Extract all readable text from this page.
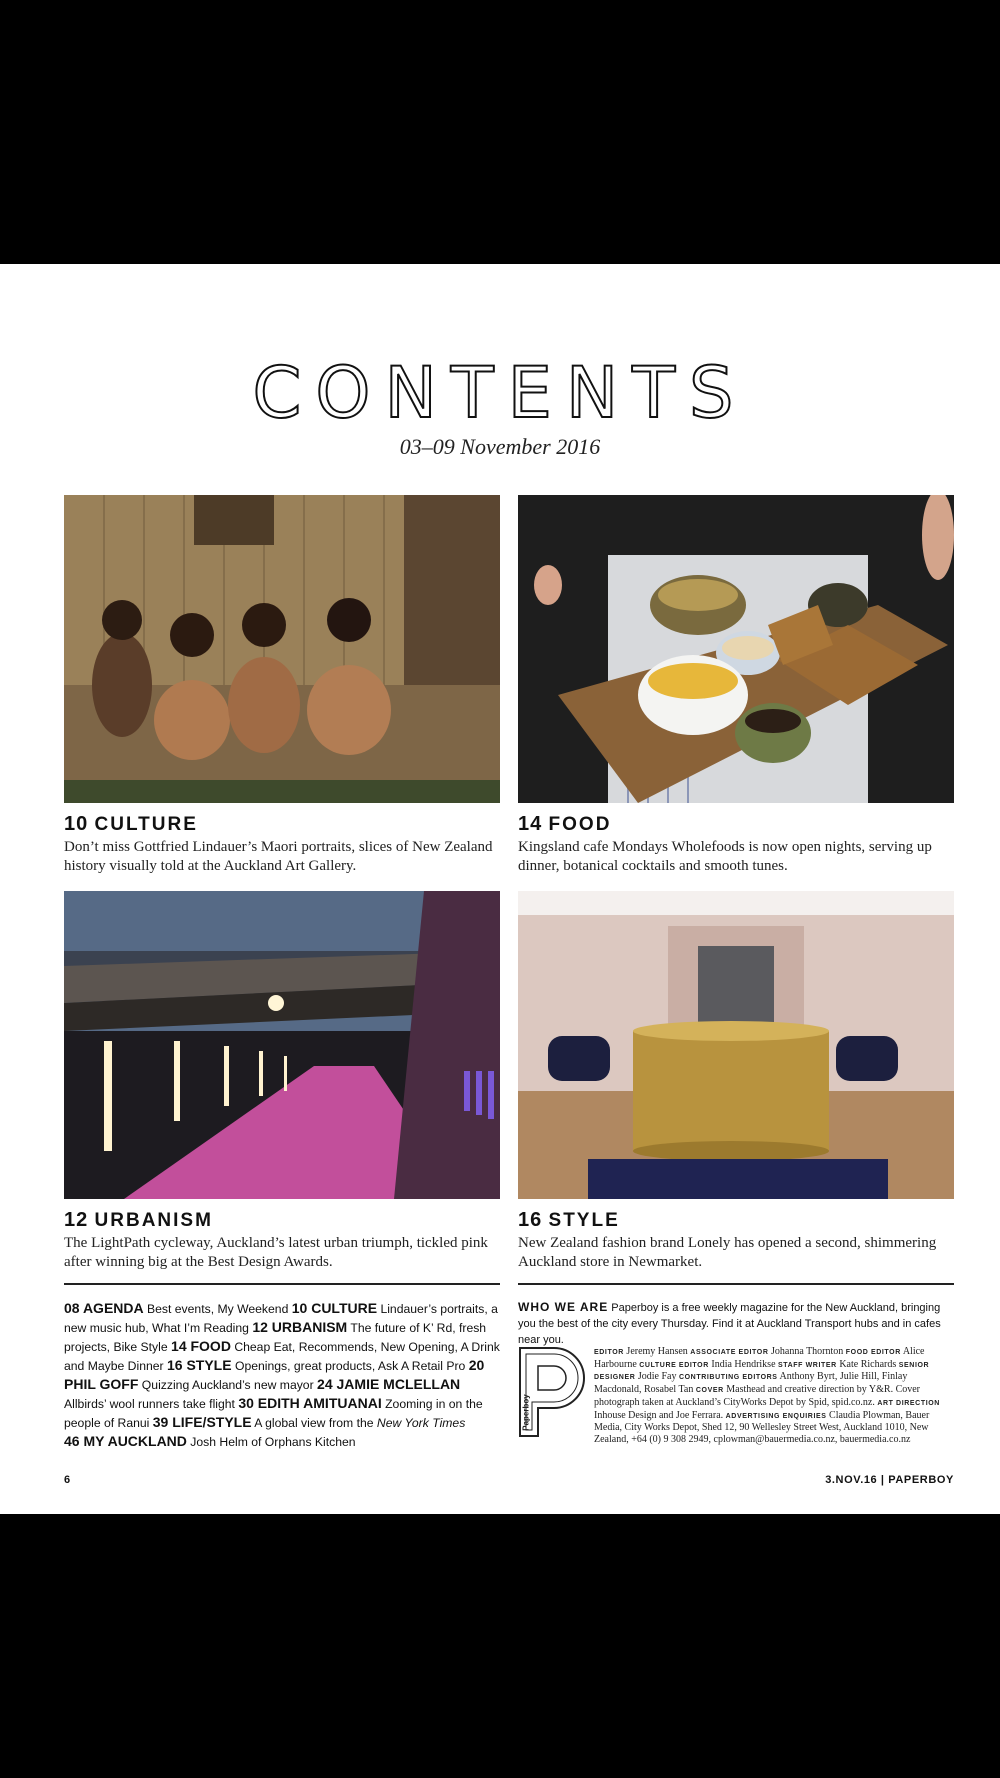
CONTENTS
03–09 November 2016
10 CULTURE
Don’t miss Gottfried Lindauer’s Maori portraits, slices of New Zealand history visually told at the Auckland Art Gallery.
14 FOOD
Kingsland cafe Mondays Wholefoods is now open nights, serving up dinner, botanical cocktails and smooth tunes.
12 URBANISM
The LightPath cycleway, Auckland’s latest urban triumph, tickled pink after winning big at the Best Design Awards.
16 STYLE
New Zealand fashion brand Lonely has opened a second, shimmering Auckland store in Newmarket.
08 AGENDA Best events, My Weekend 10 CULTURE Lindauer’s portraits, a new music hub, What I’m Reading 12 URBANISM The future of K’ Rd, fresh projects, Bike Style 14 FOOD Cheap Eat, Recommends, New Opening, A Drink and Maybe Dinner 16 STYLE Openings, great products, Ask A Retail Pro 20 PHIL GOFF Quizzing Auckland’s new mayor 24 JAMIE MCLELLAN Allbirds’ wool runners take flight 30 EDITH AMITUANAI Zooming in on the people of Ranui 39 LIFE/STYLE A global view from the New York Times
46 MY AUCKLAND Josh Helm of Orphans Kitchen
WHO WE ARE Paperboy is a free weekly magazine for the New Auckland, bringing you the best of the city every Thursday. Find it at Auckland Transport hubs and in cafes near you.
Paperboy
EDITOR Jeremy Hansen ASSOCIATE EDITOR Johanna Thornton FOOD EDITOR Alice Harbourne CULTURE EDITOR India Hendrikse STAFF WRITER Kate Richards SENIOR DESIGNER Jodie Fay CONTRIBUTING EDITORS Anthony Byrt, Julie Hill, Finlay Macdonald, Rosabel Tan COVER Masthead and creative direction by Y&R. Cover photograph taken at Auckland’s CityWorks Depot by Spid, spid.co.nz. ART DIRECTION Inhouse Design and Joe Ferrara. ADVERTISING ENQUIRIES Claudia Plowman, Bauer Media, City Works Depot, Shed 12, 90 Wellesley Street West, Auckland 1010, New Zealand, +64 (0) 9 308 2949, cplowman@bauermedia.co.nz, bauermedia.co.nz
6	3.NOV.16 | PAPERBOY
